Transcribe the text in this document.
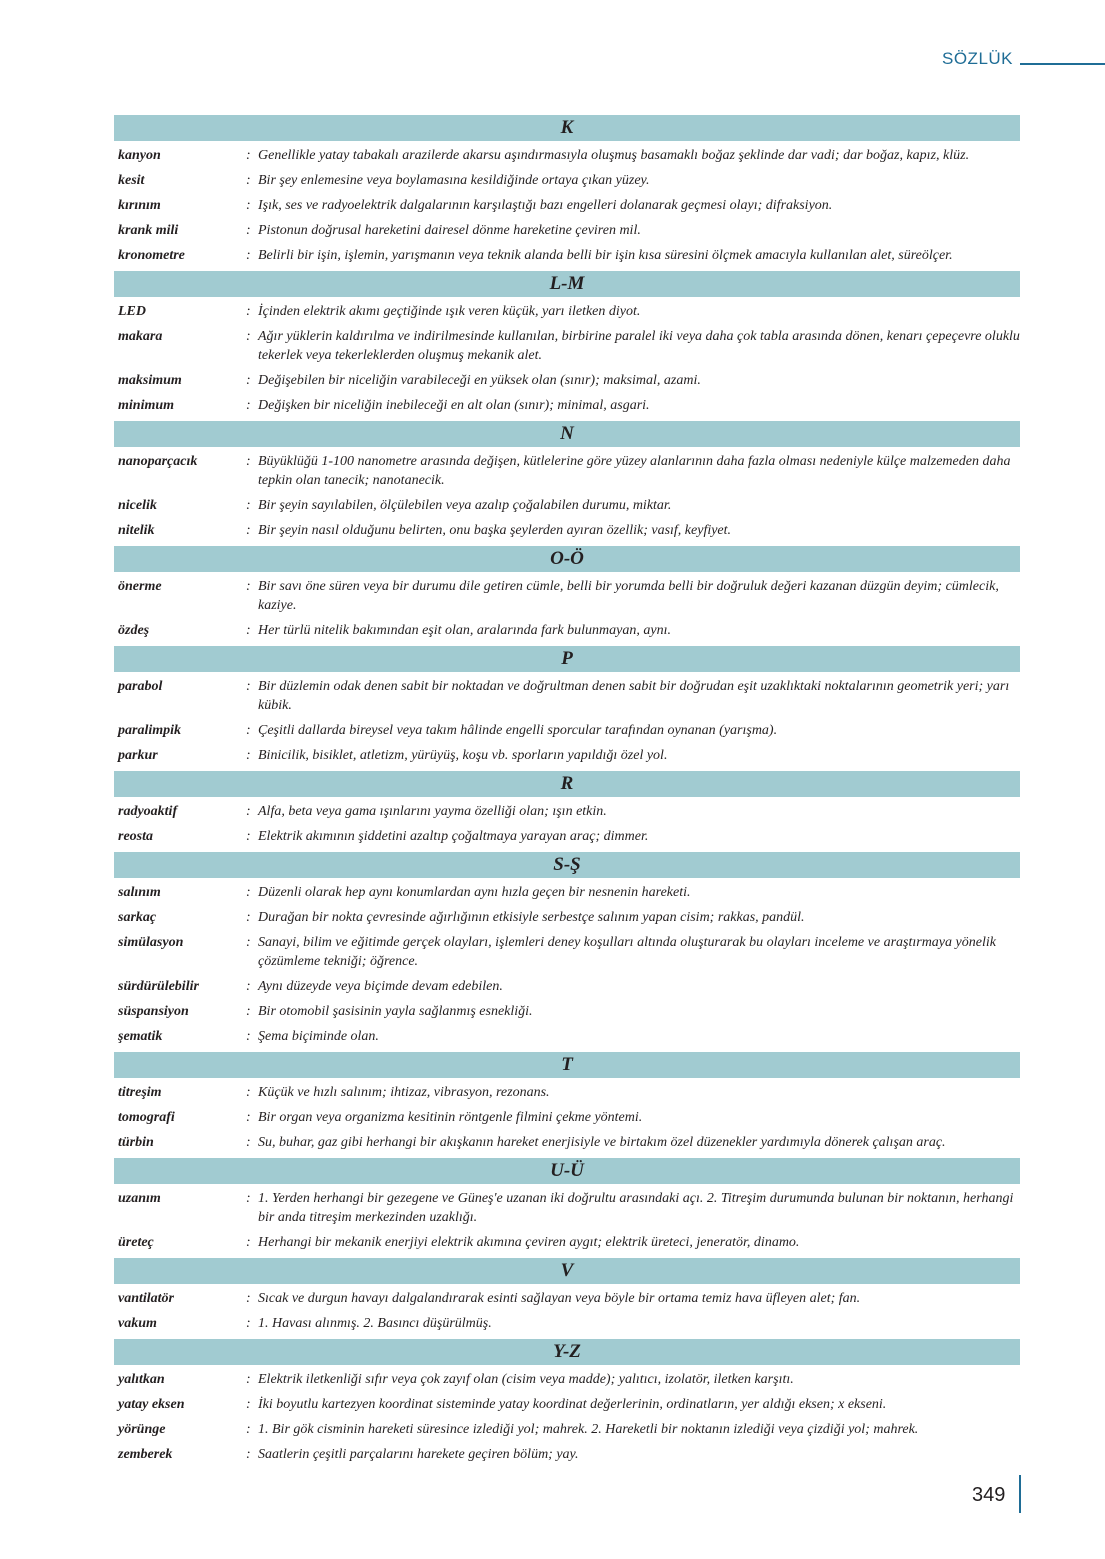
SÖZLÜK
K
kanyon	: Genellikle yatay tabakalı arazilerde akarsu aşındırmasıyla oluşmuş basamaklı boğaz şeklinde dar vadi; dar boğaz, kapız, klüz.
kesit	: Bir şey enlemesine veya boylamasına kesildiğinde ortaya çıkan yüzey.
kırınım	: Işık, ses ve radyoelektrik dalgalarının karşılaştığı bazı engelleri dolanarak geçmesi olayı; difraksiyon.
krank mili	: Pistonun doğrusal hareketini dairesel dönme hareketine çeviren mil.
kronometre	: Belirli bir işin, işlemin, yarışmanın veya teknik alanda belli bir işin kısa süresini ölçmek amacıyla kullanılan alet, süreölçer.
L-M
LED	: İçinden elektrik akımı geçtiğinde ışık veren küçük, yarı iletken diyot.
makara	: Ağır yüklerin kaldırılma ve indirilmesinde kullanılan, birbirine paralel iki veya daha çok tabla arasında dönen, kenarı çepeçevre oluklu tekerlek veya tekerleklerden oluşmuş mekanik alet.
maksimum	: Değişebilen bir niceliğin varabileceği en yüksek olan (sınır); maksimal, azami.
minimum	: Değişken bir niceliğin inebileceği en alt olan (sınır); minimal, asgari.
N
nanoparçacık	: Büyüklüğü 1-100 nanometre arasında değişen, kütlelerine göre yüzey alanlarının daha fazla olması nedeniyle külçe malzemeden daha tepkin olan tanecik; nanotanecik.
nicelik	: Bir şeyin sayılabilen, ölçülebilen veya azalıp çoğalabilen durumu, miktar.
nitelik	: Bir şeyin nasıl olduğunu belirten, onu başka şeylerden ayıran özellik; vasıf, keyfiyet.
O-Ö
önerme	: Bir savı öne süren veya bir durumu dile getiren cümle, belli bir yorumda belli bir doğruluk değeri kazanan düzgün deyim; cümlecik, kaziye.
özdeş	: Her türlü nitelik bakımından eşit olan, aralarında fark bulunmayan, aynı.
P
parabol	: Bir düzlemin odak denen sabit bir noktadan ve doğrultman denen sabit bir doğrudan eşit uzaklıktaki noktalarının geometrik yeri; yarı kübik.
paralimpik	: Çeşitli dallarda bireysel veya takım hâlinde engelli sporcular tarafından oynanan (yarışma).
parkur	: Binicilik, bisiklet, atletizm, yürüyüş, koşu vb. sporların yapıldığı özel yol.
R
radyoaktif	: Alfa, beta veya gama ışınlarını yayma özelliği olan; ışın etkin.
reosta	: Elektrik akımının şiddetini azaltıp çoğaltmaya yarayan araç; dimmer.
S-Ş
salınım	: Düzenli olarak hep aynı konumlardan aynı hızla geçen bir nesnenin hareketi.
sarkaç	: Durağan bir nokta çevresinde ağırlığının etkisiyle serbestçe salınım yapan cisim; rakkas, pandül.
simülasyon	: Sanayi, bilim ve eğitimde gerçek olayları, işlemleri deney koşulları altında oluşturarak bu olayları inceleme ve araştırmaya yönelik çözümleme tekniği; öğrence.
sürdürülebilir	: Aynı düzeyde veya biçimde devam edebilen.
süspansiyon	: Bir otomobil şasisinin yayla sağlanmış esnekliği.
şematik	: Şema biçiminde olan.
T
titreşim	: Küçük ve hızlı salınım; ihtizaz, vibrasyon, rezonans.
tomografi	: Bir organ veya organizma kesitinin röntgenle filmini çekme yöntemi.
türbin	: Su, buhar, gaz gibi herhangi bir akışkanın hareket enerjisiyle ve birtakım özel düzenekler yardımıyla dönerek çalışan araç.
U-Ü
uzanım	: 1. Yerden herhangi bir gezegene ve Güneş'e uzanan iki doğrultu arasındaki açı. 2. Titreşim durumunda bulunan bir noktanın, herhangi bir anda titreşim merkezinden uzaklığı.
üreteç	: Herhangi bir mekanik enerjiyi elektrik akımına çeviren aygıt; elektrik üreteci, jeneratör, dinamo.
V
vantilatör	: Sıcak ve durgun havayı dalgalandırarak esinti sağlayan veya böyle bir ortama temiz hava üfleyen alet; fan.
vakum	: 1. Havası alınmış. 2. Basıncı düşürülmüş.
Y-Z
yalıtkan	: Elektrik iletkenliği sıfır veya çok zayıf olan (cisim veya madde); yalıtıcı, izolatör, iletken karşıtı.
yatay eksen	: İki boyutlu kartezyen koordinat sisteminde yatay koordinat değerlerinin, ordinatların, yer aldığı eksen; x ekseni.
yörünge	: 1. Bir gök cisminin hareketi süresince izlediği yol; mahrek. 2. Hareketli bir noktanın izlediği veya çizdiği yol; mahrek.
zemberek	: Saatlerin çeşitli parçalarını harekete geçiren bölüm; yay.
349
